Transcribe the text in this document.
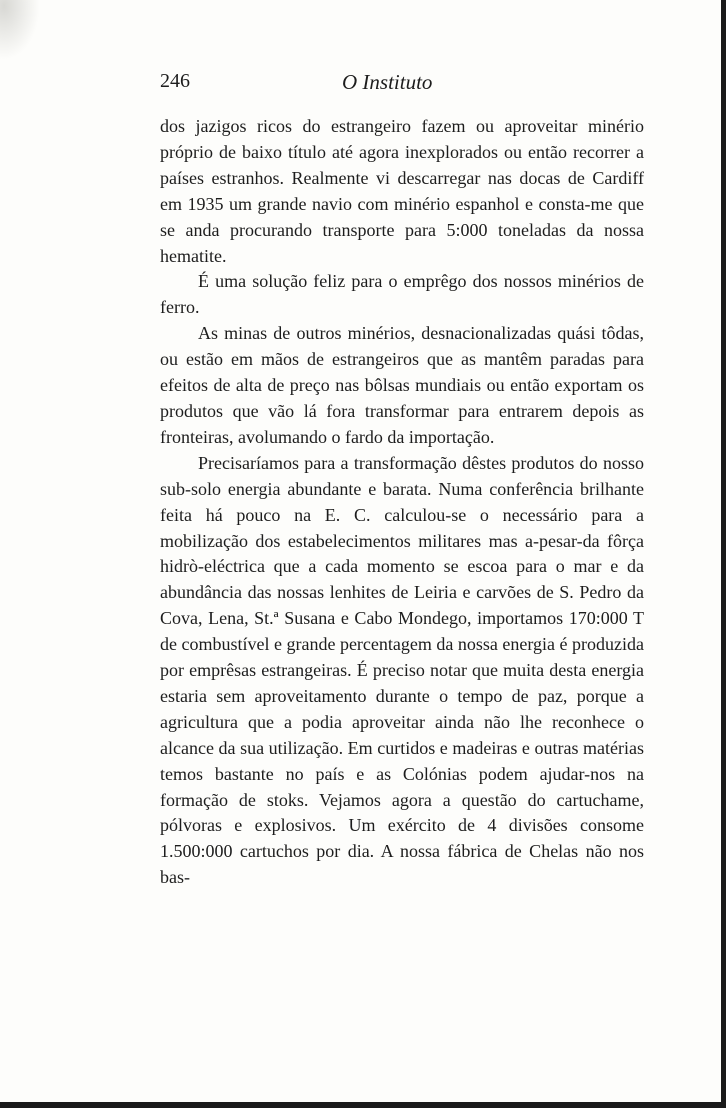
246	O Instituto

dos jazigos ricos do estrangeiro fazem ou aproveitar minério próprio de baixo título até agora inexplorados ou então recorrer a países estranhos. Realmente vi descarregar nas docas de Cardiff em 1935 um grande navio com minério espanhol e consta-me que se anda procurando transporte para 5:000 toneladas da nossa hematite.

É uma solução feliz para o emprêgo dos nossos minérios de ferro.

As minas de outros minérios, desnacionalizadas quási tôdas, ou estão em mãos de estrangeiros que as mantêm paradas para efeitos de alta de preço nas bôlsas mundiais ou então exportam os produtos que vão lá fora transformar para entrarem depois as fronteiras, avolumando o fardo da importação.

Precisaríamos para a transformação dêstes produtos do nosso sub-solo energia abundante e barata. Numa conferência brilhante feita há pouco na E. C. calculou-se o necessário para a mobilização dos estabelecimentos militares mas a-pesar-da fôrça hidrò-eléctrica que a cada momento se escoa para o mar e da abundância das nossas lenhites de Leiria e carvões de S. Pedro da Cova, Lena, St.ª Susana e Cabo Mondego, importamos 170:000 T de combustível e grande percentagem da nossa energia é produzida por emprêsas estrangeiras. É preciso notar que muita desta energia estaria sem aproveitamento durante o tempo de paz, porque a agricultura que a podia aproveitar ainda não lhe reconhece o alcance da sua utilização. Em curtidos e madeiras e outras matérias temos bastante no país e as Colónias podem ajudar-nos na formação de stoks. Vejamos agora a questão do cartuchame, pólvoras e explosivos. Um exército de 4 divisões consome 1.500:000 cartuchos por dia. A nossa fábrica de Chelas não nos bas-
